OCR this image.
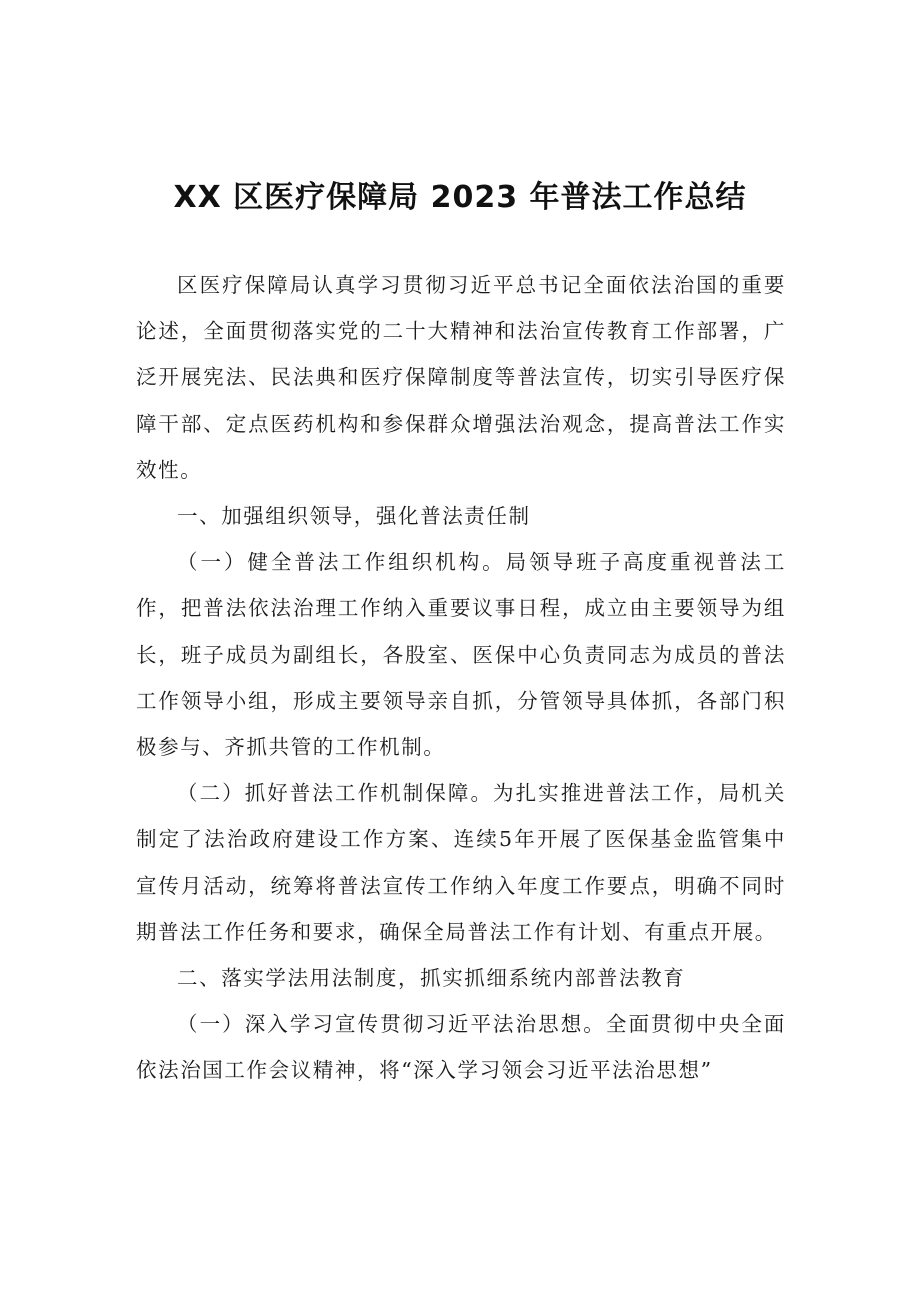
XX 区医疗保障局 2023 年普法工作总结

区医疗保障局认真学习贯彻习近平总书记全面依法治国的重要论述，全面贯彻落实党的二十大精神和法治宣传教育工作部署，广泛开展宪法、民法典和医疗保障制度等普法宣传，切实引导医疗保障干部、定点医药机构和参保群众增强法治观念，提高普法工作实效性。

一、加强组织领导，强化普法责任制

（一）健全普法工作组织机构。局领导班子高度重视普法工作，把普法依法治理工作纳入重要议事日程，成立由主要领导为组长，班子成员为副组长，各股室、医保中心负责同志为成员的普法工作领导小组，形成主要领导亲自抓，分管领导具体抓，各部门积极参与、齐抓共管的工作机制。

（二）抓好普法工作机制保障。为扎实推进普法工作，局机关制定了法治政府建设工作方案、连续5年开展了医保基金监管集中宣传月活动，统筹将普法宣传工作纳入年度工作要点，明确不同时期普法工作任务和要求，确保全局普法工作有计划、有重点开展。

二、落实学法用法制度，抓实抓细系统内部普法教育

（一）深入学习宣传贯彻习近平法治思想。全面贯彻中央全面依法治国工作会议精神，将“深入学习领会习近平法治思想”
